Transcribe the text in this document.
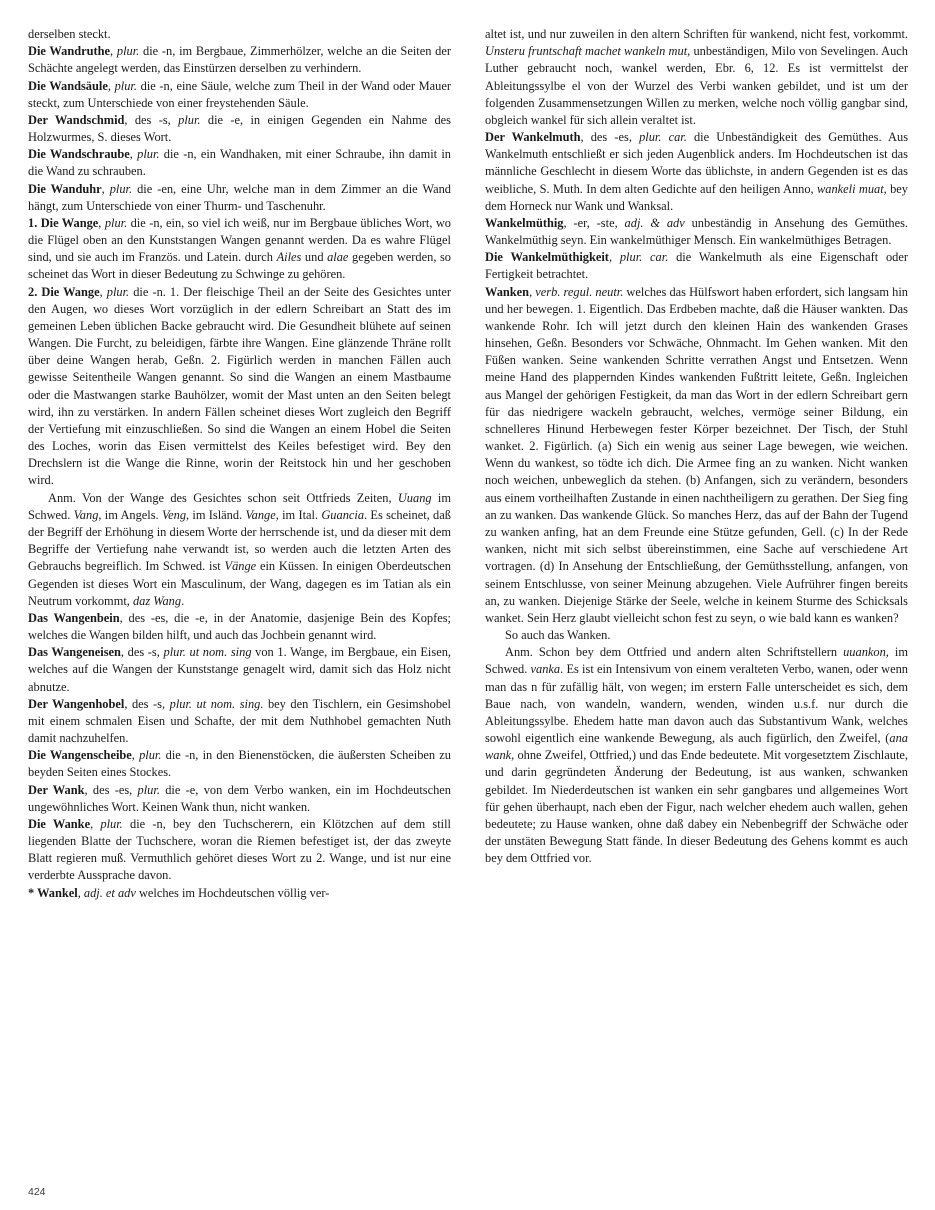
derselben steckt.

Die Wandruthe, plur. die -n, im Bergbaue, Zimmerhölzer, welche an die Seiten der Schächte angelegt werden, das Einstürzen derselben zu verhindern.

Die Wandsäule, plur. die -n, eine Säule, welche zum Theil in der Wand oder Mauer steckt, zum Unterschiede von einer freystehenden Säule.

Der Wandschmid, des -s, plur. die -e, in einigen Gegenden ein Nahme des Holzwurmes, S. dieses Wort.

Die Wandschraube, plur. die -n, ein Wandhaken, mit einer Schraube, ihn damit in die Wand zu schrauben.

Die Wanduhr, plur. die -en, eine Uhr, welche man in dem Zimmer an die Wand hängt, zum Unterschiede von einer Thurm- und Taschenuhr.

1. Die Wange, plur. die -n, ein, so viel ich weiß, nur im Bergbaue übliches Wort, wo die Flügel oben an den Kunststangen Wangen genannt werden. Da es wahre Flügel sind, und sie auch im Französ. und Latein. durch Ailes und alae gegeben werden, so scheinet das Wort in dieser Bedeutung zu Schwinge zu gehören.

2. Die Wange, plur. die -n. 1. Der fleischige Theil an der Seite des Gesichtes unter den Augen, wo dieses Wort vorzüglich in der edlern Schreibart an Statt des im gemeinen Leben üblichen Backe gebraucht wird. Die Gesundheit blühete auf seinen Wangen. Die Furcht, zu beleidigen, färbte ihre Wangen. Eine glänzende Thräne rollt über deine Wangen herab, Geßn. 2. Figürlich werden in manchen Fällen auch gewisse Seitentheile Wangen genannt. So sind die Wangen an einem Mastbaume oder die Mastwangen starke Bauhölzer, womit der Mast unten an den Seiten belegt wird, ihn zu verstärken. In andern Fällen scheinet dieses Wort zugleich den Begriff der Vertiefung mit einzuschließen. So sind die Wangen an einem Hobel die Seiten des Loches, worin das Eisen vermittelst des Keiles befestiget wird. Bey den Drechslern ist die Wange die Rinne, worin der Reitstock hin und her geschoben wird.

Anm. Von der Wange des Gesichtes schon seit Ottfrieds Zeiten, Uuang im Schwed. Vang, im Angels. Veng, im Isländ. Vange, im Ital. Guancia. Es scheinet, daß der Begriff der Erhöhung in diesem Worte der herrschende ist, und da dieser mit dem Begriffe der Vertiefung nahe verwandt ist, so werden auch die letzten Arten des Gebrauchs begreiflich. Im Schwed. ist Vänge ein Küssen. In einigen Oberdeutschen Gegenden ist dieses Wort ein Masculinum, der Wang, dagegen es im Tatian als ein Neutrum vorkommt, daz Wang.

Das Wangenbein, des -es, die -e, in der Anatomie, dasjenige Bein des Kopfes; welches die Wangen bilden hilft, und auch das Jochbein genannt wird.

Das Wangeneisen, des -s, plur. ut nom. sing von 1. Wange, im Bergbaue, ein Eisen, welches auf die Wangen der Kunststange genagelt wird, damit sich das Holz nicht abnutze.

Der Wangenhobel, des -s, plur. ut nom. sing. bey den Tischlern, ein Gesimshobel mit einem schmalen Eisen und Schafte, der mit dem Nuthhobel gemachten Nuth damit nachzuhelfen.

Die Wangenscheibe, plur. die -n, in den Bienenstöcken, die äußersten Scheiben zu beyden Seiten eines Stockes.

Der Wank, des -es, plur. die -e, von dem Verbo wanken, ein im Hochdeutschen ungewöhnliches Wort. Keinen Wank thun, nicht wanken.

Die Wanke, plur. die -n, bey den Tuchscherern, ein Klötzchen auf dem still liegenden Blatte der Tuchschere, woran die Riemen befestiget ist, der das zweyte Blatt regieren muß. Vermuthlich gehöret dieses Wort zu 2. Wange, und ist nur eine verderbte Aussprache davon.

* Wankel, adj. et adv welches im Hochdeutschen völlig ver-

altet ist, und nur zuweilen in den altern Schriften für wankend, nicht fest, vorkommt. Unsteru fruntschaft machet wankeln mut, unbeständigen, Milo von Sevelingen. Auch Luther gebraucht noch, wankel werden, Ebr. 6, 12. Es ist vermittelst der Ableitungssylbe el von der Wurzel des Verbi wanken gebildet, und ist um der folgenden Zusammensetzungen Willen zu merken, welche noch völlig gangbar sind, obgleich wankel für sich allein veraltet ist.

Der Wankelmuth, des -es, plur. car. die Unbeständigkeit des Gemüthes. Aus Wankelmuth entschließt er sich jeden Augenblick anders. Im Hochdeutschen ist das männliche Geschlecht in diesem Worte das üblichste, in andern Gegenden ist es das weibliche, S. Muth. In dem alten Gedichte auf den heiligen Anno, wankeli muat, bey dem Horneck nur Wank und Wanksal.

Wankelmüthig, -er, -ste, adj. & adv unbeständig in Ansehung des Gemüthes. Wankelmüthig seyn. Ein wankelmüthiger Mensch. Ein wankelmüthiges Betragen.

Die Wankelmüthigkeit, plur. car. die Wankelmuth als eine Eigenschaft oder Fertigkeit betrachtet.

Wanken, verb. regul. neutr. welches das Hülfswort haben erfordert, sich langsam hin und her bewegen. 1. Eigentlich. Das Erdbeben machte, daß die Häuser wankten. Das wankende Rohr. Ich will jetzt durch den kleinen Hain des wankenden Grases hinsehen, Geßn. Besonders vor Schwäche, Ohnmacht. Im Gehen wanken. Mit den Füßen wanken. Seine wankenden Schritte verrathen Angst und Entsetzen. Wenn meine Hand des plappernden Kindes wankenden Fußtritt leitete, Geßn. Ingleichen aus Mangel der gehörigen Festigkeit, da man das Wort in der edlern Schreibart gern für das niedrigere wackeln gebraucht, welches, vermöge seiner Bildung, ein schnelleres Hinund Herbewegen fester Körper bezeichnet. Der Tisch, der Stuhl wanket. 2. Figürlich. (a) Sich ein wenig aus seiner Lage bewegen, wie weichen. Wenn du wankest, so tödte ich dich. Die Armee fing an zu wanken. Nicht wanken noch weichen, unbeweglich da stehen. (b) Anfangen, sich zu verändern, besonders aus einem vortheilhaften Zustande in einen nachtheiligern zu gerathen. Der Sieg fing an zu wanken. Das wankende Glück. So manches Herz, das auf der Bahn der Tugend zu wanken anfing, hat an dem Freunde eine Stütze gefunden, Gell. (c) In der Rede wanken, nicht mit sich selbst übereinstimmen, eine Sache auf verschiedene Art vortragen. (d) In Ansehung der Entschließung, der Gemüthsstellung, anfangen, von seinem Entschlusse, von seiner Meinung abzugehen. Viele Aufrührer fingen bereits an, zu wanken. Diejenige Stärke der Seele, welche in keinem Sturme des Schicksals wanket. Sein Herz glaubt vielleicht schon fest zu seyn, o wie bald kann es wanken?

So auch das Wanken.

Anm. Schon bey dem Ottfried und andern alten Schriftstellern uuankon, im Schwed. vanka. Es ist ein Intensivum von einem veralteten Verbo, wanen, oder wenn man das n für zufällig hält, von wegen; im erstern Falle unterscheidet es sich, dem Baue nach, von wandeln, wandern, wenden, winden u.s.f. nur durch die Ableitungssylbe. Ehedem hatte man davon auch das Substantivum Wank, welches sowohl eigentlich eine wankende Bewegung, als auch figürlich, den Zweifel, (ana wank, ohne Zweifel, Ottfried,) und das Ende bedeutete. Mit vorgesetztem Zischlaute, und darin gegründeten Änderung der Bedeutung, ist aus wanken, schwanken gebildet. Im Niederdeutschen ist wanken ein sehr gangbares und allgemeines Wort für gehen überhaupt, nach eben der Figur, nach welcher ehedem auch wallen, gehen bedeutete; zu Hause wanken, ohne daß dabey ein Nebenbegriff der Schwäche oder der unstäten Bewegung Statt fände. In dieser Bedeutung des Gehens kommt es auch bey dem Ottfried vor.

424
